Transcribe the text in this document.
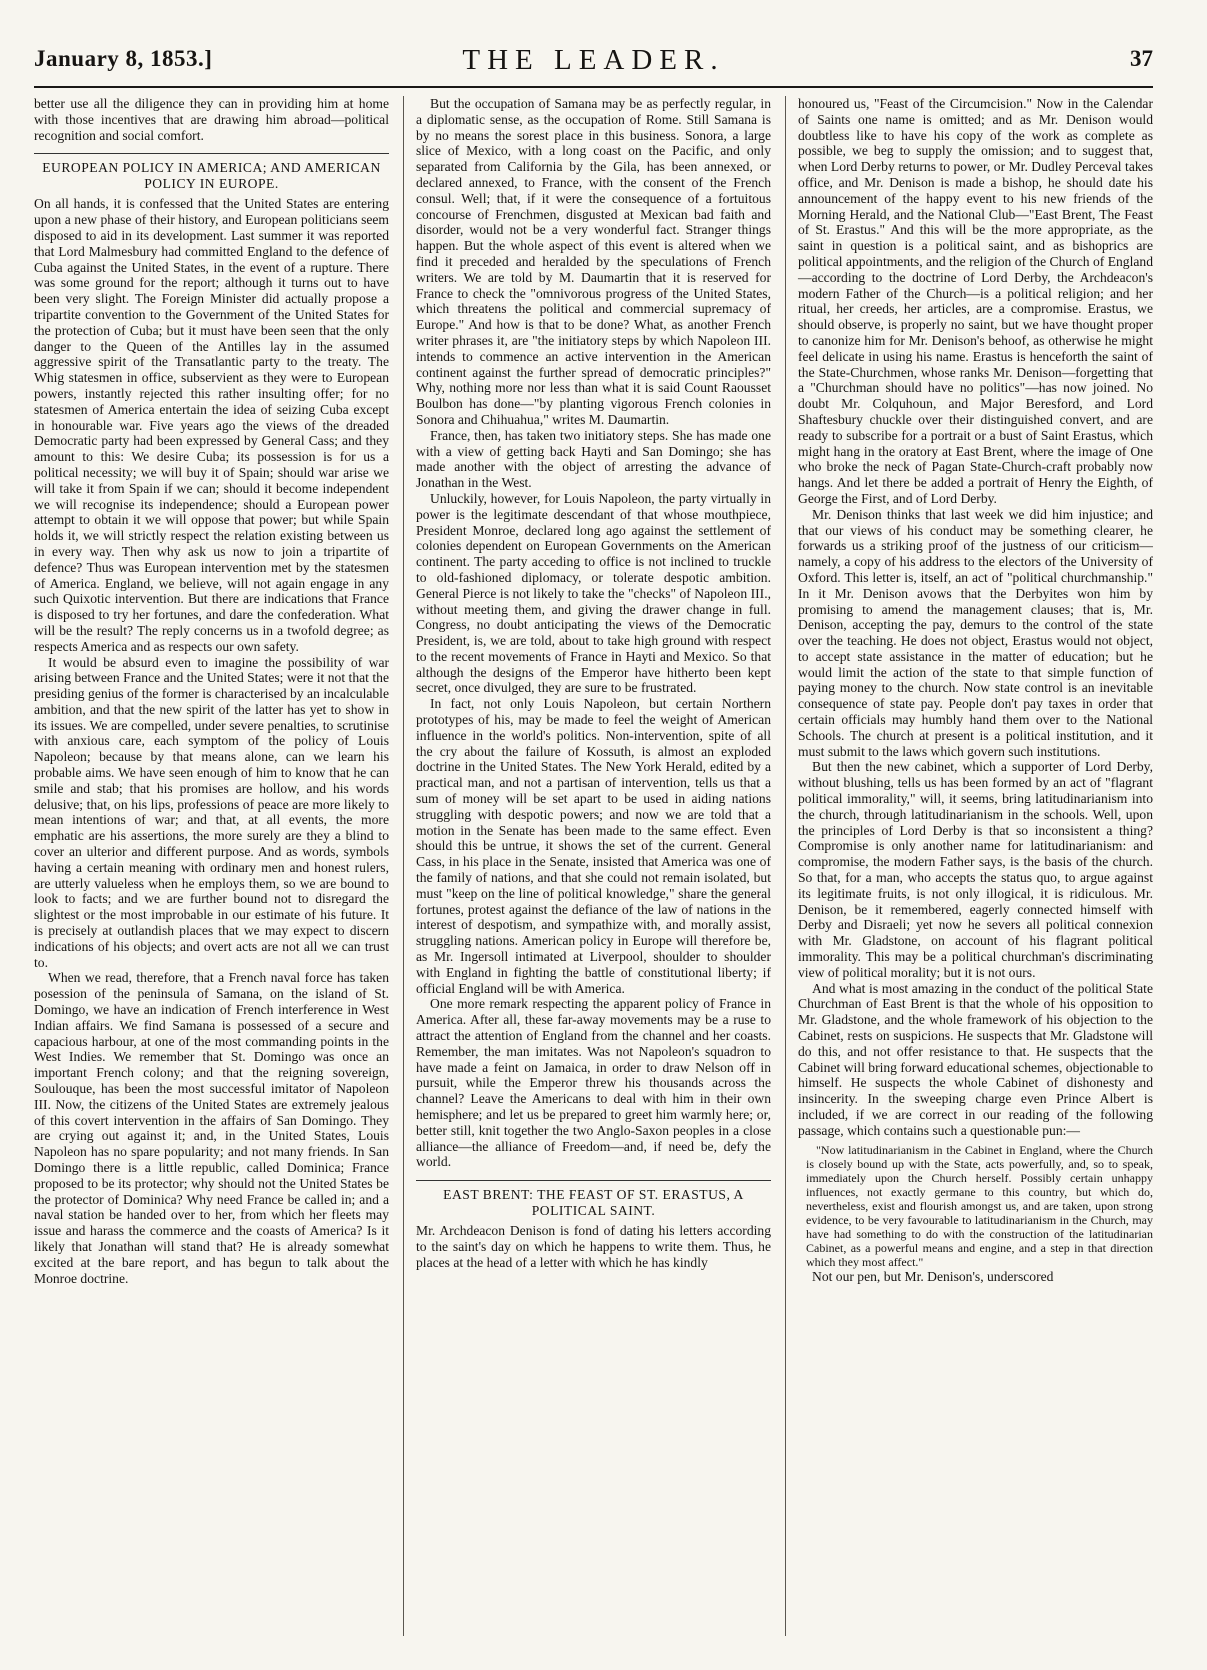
January 8, 1853.]	THE LEADER.	37

better use all the diligence they can in providing him at home with those incentives that are drawing him abroad—political recognition and social comfort.

EUROPEAN POLICY IN AMERICA; AND AMERICAN POLICY IN EUROPE.

On all hands, it is confessed that the United States are entering upon a new phase of their history, and European politicians seem disposed to aid in its development. Last summer it was reported that Lord Malmesbury had committed England to the defence of Cuba against the United States, in the event of a rupture. There was some ground for the report; although it turns out to have been very slight. The Foreign Minister did actually propose a tripartite convention to the Government of the United States for the protection of Cuba; but it must have been seen that the only danger to the Queen of the Antilles lay in the assumed aggressive spirit of the Transatlantic party to the treaty. The Whig statesmen in office, subservient as they were to European powers, instantly rejected this rather insulting offer; for no statesmen of America entertain the idea of seizing Cuba except in honourable war. Five years ago the views of the dreaded Democratic party had been expressed by General Cass; and they amount to this: We desire Cuba; its possession is for us a political necessity; we will buy it of Spain; should war arise we will take it from Spain if we can; should it become independent we will recognise its independence; should a European power attempt to obtain it we will oppose that power; but while Spain holds it, we will strictly respect the relation existing between us in every way. Then why ask us now to join a tripartite of defence? Thus was European intervention met by the statesmen of America. England, we believe, will not again engage in any such Quixotic intervention. But there are indications that France is disposed to try her fortunes, and dare the confederation. What will be the result? The reply concerns us in a twofold degree; as respects America and as respects our own safety.

It would be absurd even to imagine the possibility of war arising between France and the United States; were it not that the presiding genius of the former is characterised by an incalculable ambition, and that the new spirit of the latter has yet to show in its issues. We are compelled, under severe penalties, to scrutinise with anxious care, each symptom of the policy of Louis Napoleon; because by that means alone, can we learn his probable aims. We have seen enough of him to know that he can smile and stab; that his promises are hollow, and his words delusive; that, on his lips, professions of peace are more likely to mean intentions of war; and that, at all events, the more emphatic are his assertions, the more surely are they a blind to cover an ulterior and different purpose. And as words, symbols having a certain meaning with ordinary men and honest rulers, are utterly valueless when he employs them, so we are bound to look to facts; and we are further bound not to disregard the slightest or the most improbable in our estimate of his future. It is precisely at outlandish places that we may expect to discern indications of his objects; and overt acts are not all we can trust to.

When we read, therefore, that a French naval force has taken posession of the peninsula of Samana, on the island of St. Domingo, we have an indication of French interference in West Indian affairs. We find Samana is possessed of a secure and capacious harbour, at one of the most commanding points in the West Indies. We remember that St. Domingo was once an important French colony; and that the reigning sovereign, Soulouque, has been the most successful imitator of Napoleon III. Now, the citizens of the United States are extremely jealous of this covert intervention in the affairs of San Domingo. They are crying out against it; and, in the United States, Louis Napoleon has no spare popularity; and not many friends. In San Domingo there is a little republic, called Dominica; France proposed to be its protector; why should not the United States be the protector of Dominica? Why need France be called in; and a naval station be handed over to her, from which her fleets may issue and harass the commerce and the coasts of America? Is it likely that Jonathan will stand that? He is already somewhat excited at the bare report, and has begun to talk about the Monroe doctrine.

But the occupation of Samana may be as perfectly regular, in a diplomatic sense, as the occupation of Rome. Still Samana is by no means the sorest place in this business. Sonora, a large slice of Mexico, with a long coast on the Pacific, and only separated from California by the Gila, has been annexed, or declared annexed, to France, with the consent of the French consul. Well; that, if it were the consequence of a fortuitous concourse of Frenchmen, disgusted at Mexican bad faith and disorder, would not be a very wonderful fact. Stranger things happen. But the whole aspect of this event is altered when we find it preceded and heralded by the speculations of French writers. We are told by M. Daumartin that it is reserved for France to check the "omnivorous progress of the United States, which threatens the political and commercial supremacy of Europe." And how is that to be done? What, as another French writer phrases it, are "the initiatory steps by which Napoleon III. intends to commence an active intervention in the American continent against the further spread of democratic principles?" Why, nothing more nor less than what it is said Count Raousset Boulbon has done—"by planting vigorous French colonies in Sonora and Chihuahua," writes M. Daumartin.

France, then, has taken two initiatory steps. She has made one with a view of getting back Hayti and San Domingo; she has made another with the object of arresting the advance of Jonathan in the West.

Unluckily, however, for Louis Napoleon, the party virtually in power is the legitimate descendant of that whose mouthpiece, President Monroe, declared long ago against the settlement of colonies dependent on European Governments on the American continent. The party acceding to office is not inclined to truckle to old-fashioned diplomacy, or tolerate despotic ambition. General Pierce is not likely to take the "checks" of Napoleon III., without meeting them, and giving the drawer change in full. Congress, no doubt anticipating the views of the Democratic President, is, we are told, about to take high ground with respect to the recent movements of France in Hayti and Mexico. So that although the designs of the Emperor have hitherto been kept secret, once divulged, they are sure to be frustrated.

In fact, not only Louis Napoleon, but certain Northern prototypes of his, may be made to feel the weight of American influence in the world's politics. Non-intervention, spite of all the cry about the failure of Kossuth, is almost an exploded doctrine in the United States. The New York Herald, edited by a practical man, and not a partisan of intervention, tells us that a sum of money will be set apart to be used in aiding nations struggling with despotic powers; and now we are told that a motion in the Senate has been made to the same effect. Even should this be untrue, it shows the set of the current. General Cass, in his place in the Senate, insisted that America was one of the family of nations, and that she could not remain isolated, but must "keep on the line of political knowledge," share the general fortunes, protest against the defiance of the law of nations in the interest of despotism, and sympathize with, and morally assist, struggling nations. American policy in Europe will therefore be, as Mr. Ingersoll intimated at Liverpool, shoulder to shoulder with England in fighting the battle of constitutional liberty; if official England will be with America.

One more remark respecting the apparent policy of France in America. After all, these far-away movements may be a ruse to attract the attention of England from the channel and her coasts. Remember, the man imitates. Was not Napoleon's squadron to have made a feint on Jamaica, in order to draw Nelson off in pursuit, while the Emperor threw his thousands across the channel? Leave the Americans to deal with him in their own hemisphere; and let us be prepared to greet him warmly here; or, better still, knit together the two Anglo-Saxon peoples in a close alliance—the alliance of Freedom—and, if need be, defy the world.

EAST BRENT: THE FEAST OF ST. ERASTUS, A POLITICAL SAINT.

Mr. Archdeacon Denison is fond of dating his letters according to the saint's day on which he happens to write them. Thus, he places at the head of a letter with which he has kindly

honoured us, "Feast of the Circumcision." Now in the Calendar of Saints one name is omitted; and as Mr. Denison would doubtless like to have his copy of the work as complete as possible, we beg to supply the omission; and to suggest that, when Lord Derby returns to power, or Mr. Dudley Perceval takes office, and Mr. Denison is made a bishop, he should date his announcement of the happy event to his new friends of the Morning Herald, and the National Club—"East Brent, The Feast of St. Erastus." And this will be the more appropriate, as the saint in question is a political saint, and as bishoprics are political appointments, and the religion of the Church of England—according to the doctrine of Lord Derby, the Archdeacon's modern Father of the Church—is a political religion; and her ritual, her creeds, her articles, are a compromise. Erastus, we should observe, is properly no saint, but we have thought proper to canonize him for Mr. Denison's behoof, as otherwise he might feel delicate in using his name. Erastus is henceforth the saint of the State-Churchmen, whose ranks Mr. Denison—forgetting that a "Churchman should have no politics"—has now joined. No doubt Mr. Colquhoun, and Major Beresford, and Lord Shaftesbury chuckle over their distinguished convert, and are ready to subscribe for a portrait or a bust of Saint Erastus, which might hang in the oratory at East Brent, where the image of One who broke the neck of Pagan State-Church-craft probably now hangs. And let there be added a portrait of Henry the Eighth, of George the First, and of Lord Derby.

Mr. Denison thinks that last week we did him injustice; and that our views of his conduct may be something clearer, he forwards us a striking proof of the justness of our criticism—namely, a copy of his address to the electors of the University of Oxford. This letter is, itself, an act of "political churchmanship." In it Mr. Denison avows that the Derbyites won him by promising to amend the management clauses; that is, Mr. Denison, accepting the pay, demurs to the control of the state over the teaching. He does not object, Erastus would not object, to accept state assistance in the matter of education; but he would limit the action of the state to that simple function of paying money to the church. Now state control is an inevitable consequence of state pay. People don't pay taxes in order that certain officials may humbly hand them over to the National Schools. The church at present is a political institution, and it must submit to the laws which govern such institutions.

But then the new cabinet, which a supporter of Lord Derby, without blushing, tells us has been formed by an act of "flagrant political immorality," will, it seems, bring latitudinarianism into the church, through latitudinarianism in the schools. Well, upon the principles of Lord Derby is that so inconsistent a thing? Compromise is only another name for latitudinarianism: and compromise, the modern Father says, is the basis of the church. So that, for a man, who accepts the status quo, to argue against its legitimate fruits, is not only illogical, it is ridiculous. Mr. Denison, be it remembered, eagerly connected himself with Derby and Disraeli; yet now he severs all political connexion with Mr. Gladstone, on account of his flagrant political immorality. This may be a political churchman's discriminating view of political morality; but it is not ours.

And what is most amazing in the conduct of the political State Churchman of East Brent is that the whole of his opposition to Mr. Gladstone, and the whole framework of his objection to the Cabinet, rests on suspicions. He suspects that Mr. Gladstone will do this, and not offer resistance to that. He suspects that the Cabinet will bring forward educational schemes, objectionable to himself. He suspects the whole Cabinet of dishonesty and insincerity. In the sweeping charge even Prince Albert is included, if we are correct in our reading of the following passage, which contains such a questionable pun:—

"Now latitudinarianism in the Cabinet in England, where the Church is closely bound up with the State, acts powerfully, and, so to speak, immediately upon the Church herself. Possibly certain unhappy influences, not exactly germane to this country, but which do, nevertheless, exist and flourish amongst us, and are taken, upon strong evidence, to be very favourable to latitudinarianism in the Church, may have had something to do with the construction of the latitudinarian Cabinet, as a powerful means and engine, and a step in that direction which they most affect."

Not our pen, but Mr. Denison's, underscored
